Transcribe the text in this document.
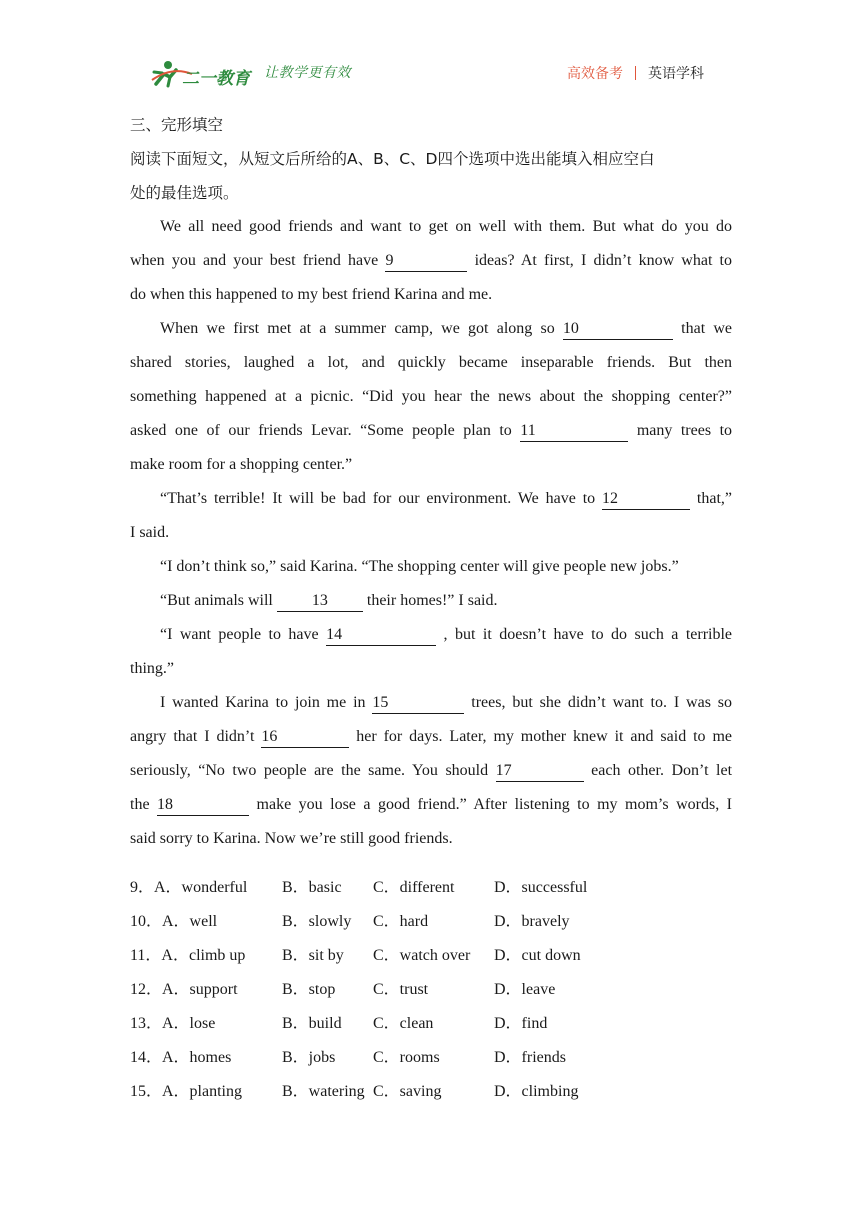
二一教育 让教学更有效	高效备考 英语学科
三、完形填空
阅读下面短文，从短文后所给的A、B、C、D四个选项中选出能填入相应空白
处的最佳选项。
We all need good friends and want to get on well with them. But what do you do
when you and your best friend have 9	ideas? At first, I didn’t know what to
do when this happened to my best friend Karina and me.
When we first met at a summer camp, we got along so 10	that we
shared stories, laughed a lot, and quickly became inseparable friends. But then
something happened at a picnic. “Did you hear the news about the shopping center?”
asked one of our friends Levar. “Some people plan to 11	many trees to
make room for a shopping center.”
“That’s terrible! It will be bad for our environment. We have to 12	that,”
I said.
“I don’t think so,” said Karina. “The shopping center will give people new jobs.”
“But animals will 13 their homes!” I said.
“I want people to have 14	, but it doesn’t have to do such a terrible
thing.”
I wanted Karina to join me in 15	trees, but she didn’t want to. I was so
angry that I didn’t 16	her for days. Later, my mother knew it and said to me
seriously, “No two people are the same. You should 17	each other. Don’t let
the 18	make you lose a good friend.” After listening to my mom’s words, I
said sorry to Karina. Now we’re still good friends.
9．A．wonderful B．basic C．different D．successful
10．A．well	B．slowly C．hard	D．bravely
11．A．climb up B．sit by C．watch over D．cut down
12．A．support	B．stop C．trust	D．leave
13．A．lose	B．build C．clean	D．find
14．A．homes	B．jobs C．rooms	D．friends
15．A．planting	B．watering C．saving	D．climbing
